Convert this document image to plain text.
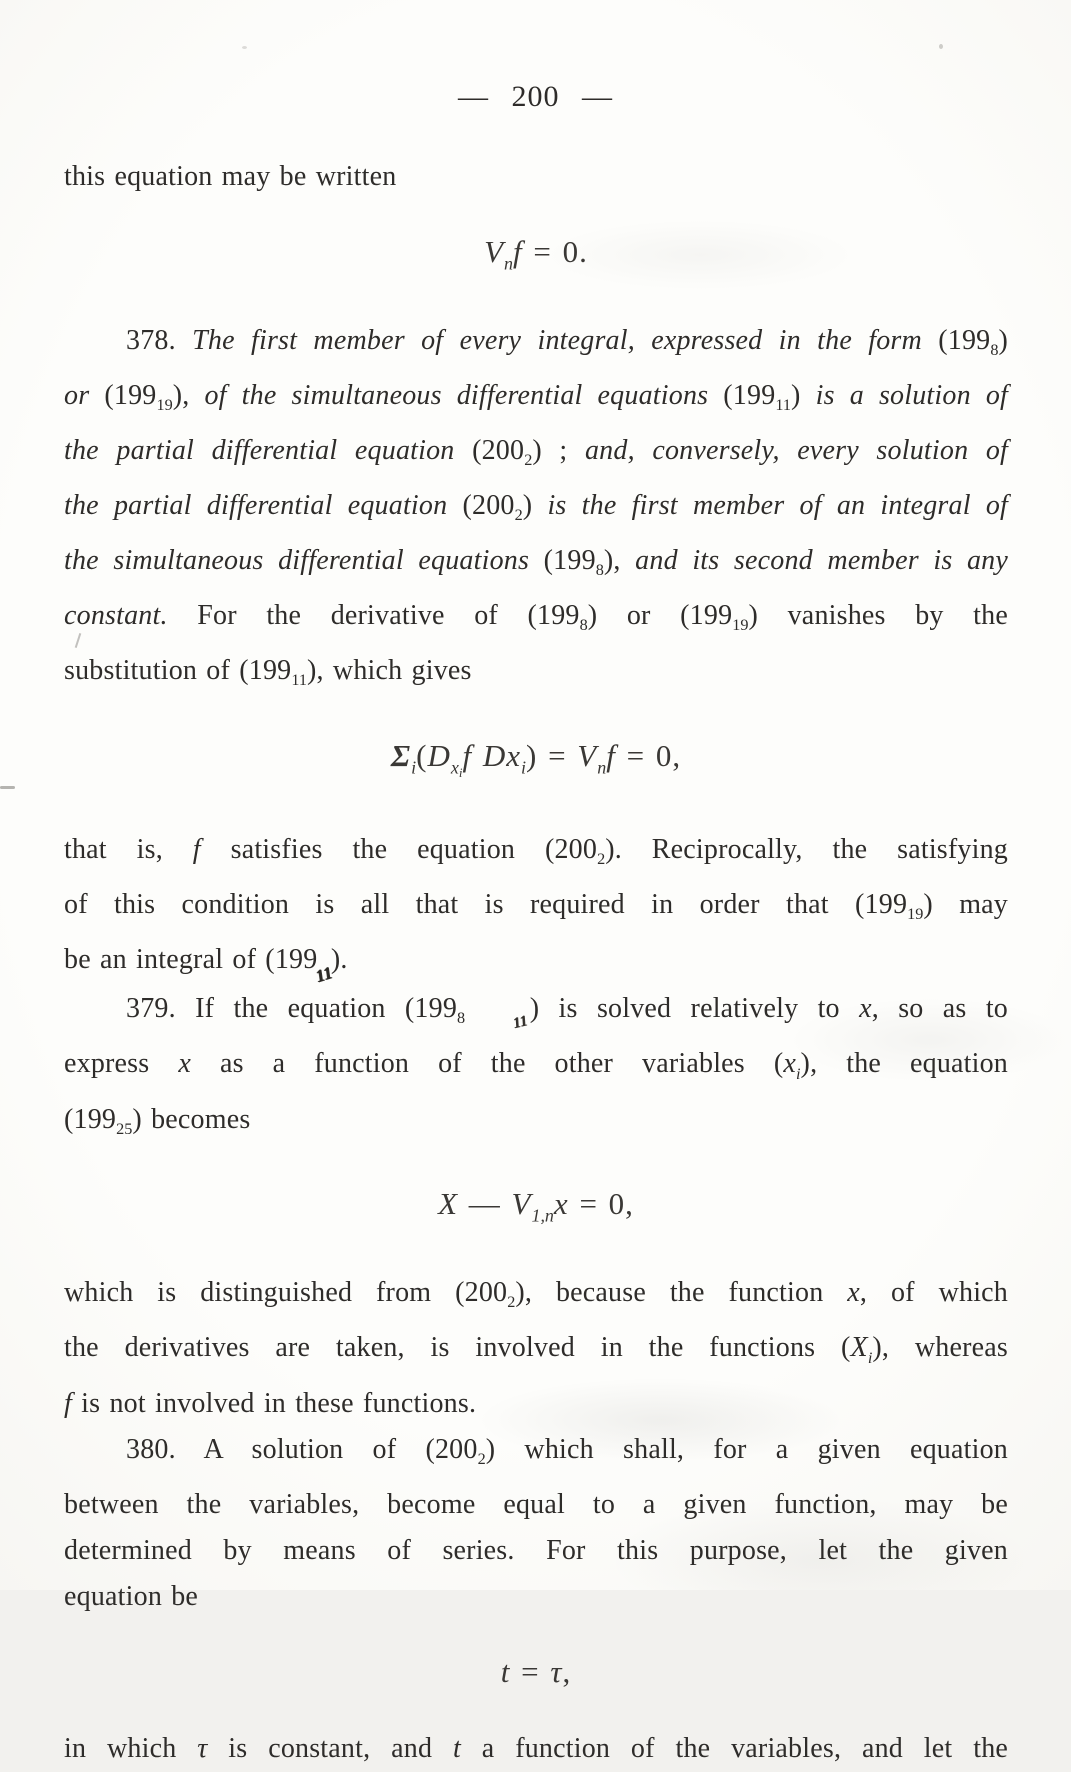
— 200 —
this equation may be written
$V_nf = 0$.
378. The first member of every integral, expressed in the form $(199_8)$
or $(199_{19})$, of the simultaneous differential equations $(199_{11})$ is a solution of
the partial differential equation $(200_2)$ ; and, conversely, every solution of
the partial differential equation $(200_2)$ is the first member of an integral of
the simultaneous differential equations $(199_8)$, and its second member is any
constant. For the derivative of $(199_8)$ or $(199_{19})$ vanishes by the
substitution of $(199_{11})$, which gives
$\Sigma_i(D_{xi}f$ $Dx_i) = V_nf = 0$,
that is, f satisfies the equation $(200_2)$. Reciprocally, the satisfying
of this condition is all that is required in order that $(199_{19})$ may
be an integral of (19911).
379. If the equation ($199_8$	11) is solved relatively to x, so as to
express x as a function of the other variables $(x_i)$, the equation
$(199_{25})$ becomes
X — $V_{1,n}x = 0$,
which is distinguished from $(200_2)$, because the function x, of which
the derivatives are taken, is involved in the functions $(X_i)$, whereas
f is not involved in these functions.
380. A solution of $(200_2)$ which shall, for a given equation
between the variables, become equal to a given function, may be
determined by means of series. For this purpose, let the given
equation be
t = τ,
in which τ is constant, and t a function of the variables, and let the
